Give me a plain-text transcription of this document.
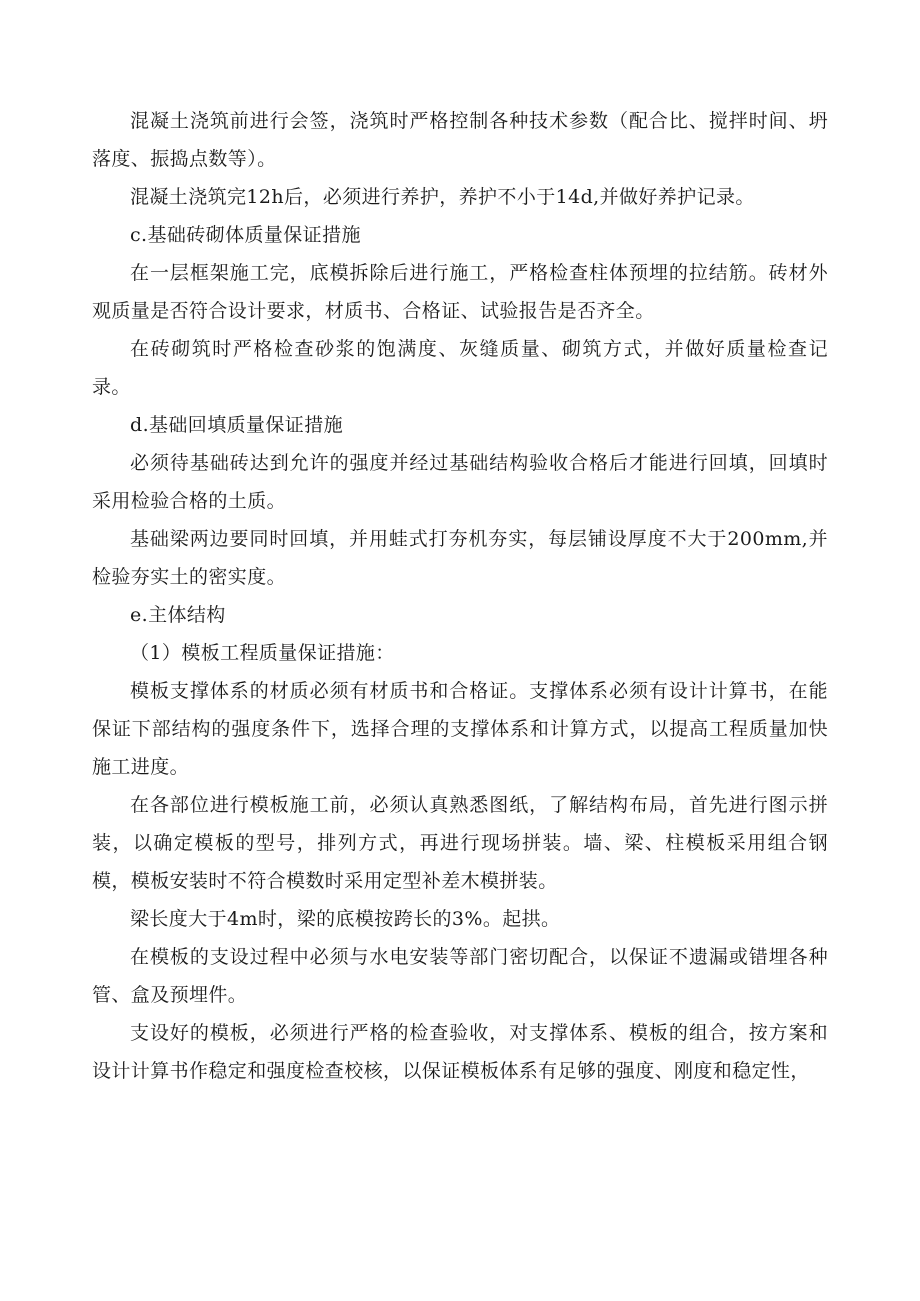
混凝土浇筑前进行会签，浇筑时严格控制各种技术参数（配合比、搅拌时间、坍落度、振捣点数等）。

混凝土浇筑完12h后，必须进行养护，养护不小于14d,并做好养护记录。

c.基础砖砌体质量保证措施

在一层框架施工完，底模拆除后进行施工，严格检查柱体预埋的拉结筋。砖材外观质量是否符合设计要求，材质书、合格证、试验报告是否齐全。

在砖砌筑时严格检查砂浆的饱满度、灰缝质量、砌筑方式，并做好质量检查记录。

d.基础回填质量保证措施

必须待基础砖达到允许的强度并经过基础结构验收合格后才能进行回填，回填时采用检验合格的土质。

基础梁两边要同时回填，并用蛙式打夯机夯实，每层铺设厚度不大于200mm,并检验夯实土的密实度。

e.主体结构

（1）模板工程质量保证措施：

模板支撑体系的材质必须有材质书和合格证。支撑体系必须有设计计算书，在能保证下部结构的强度条件下，选择合理的支撑体系和计算方式，以提高工程质量加快施工进度。

在各部位进行模板施工前，必须认真熟悉图纸，了解结构布局，首先进行图示拼装，以确定模板的型号，排列方式，再进行现场拼装。墙、梁、柱模板采用组合钢模，模板安装时不符合模数时采用定型补差木模拼装。

梁长度大于4m时，梁的底模按跨长的3%。起拱。

在模板的支设过程中必须与水电安装等部门密切配合，以保证不遗漏或错埋各种管、盒及预埋件。

支设好的模板，必须进行严格的检查验收，对支撑体系、模板的组合，按方案和设计计算书作稳定和强度检查校核，以保证模板体系有足够的强度、刚度和稳定性，
